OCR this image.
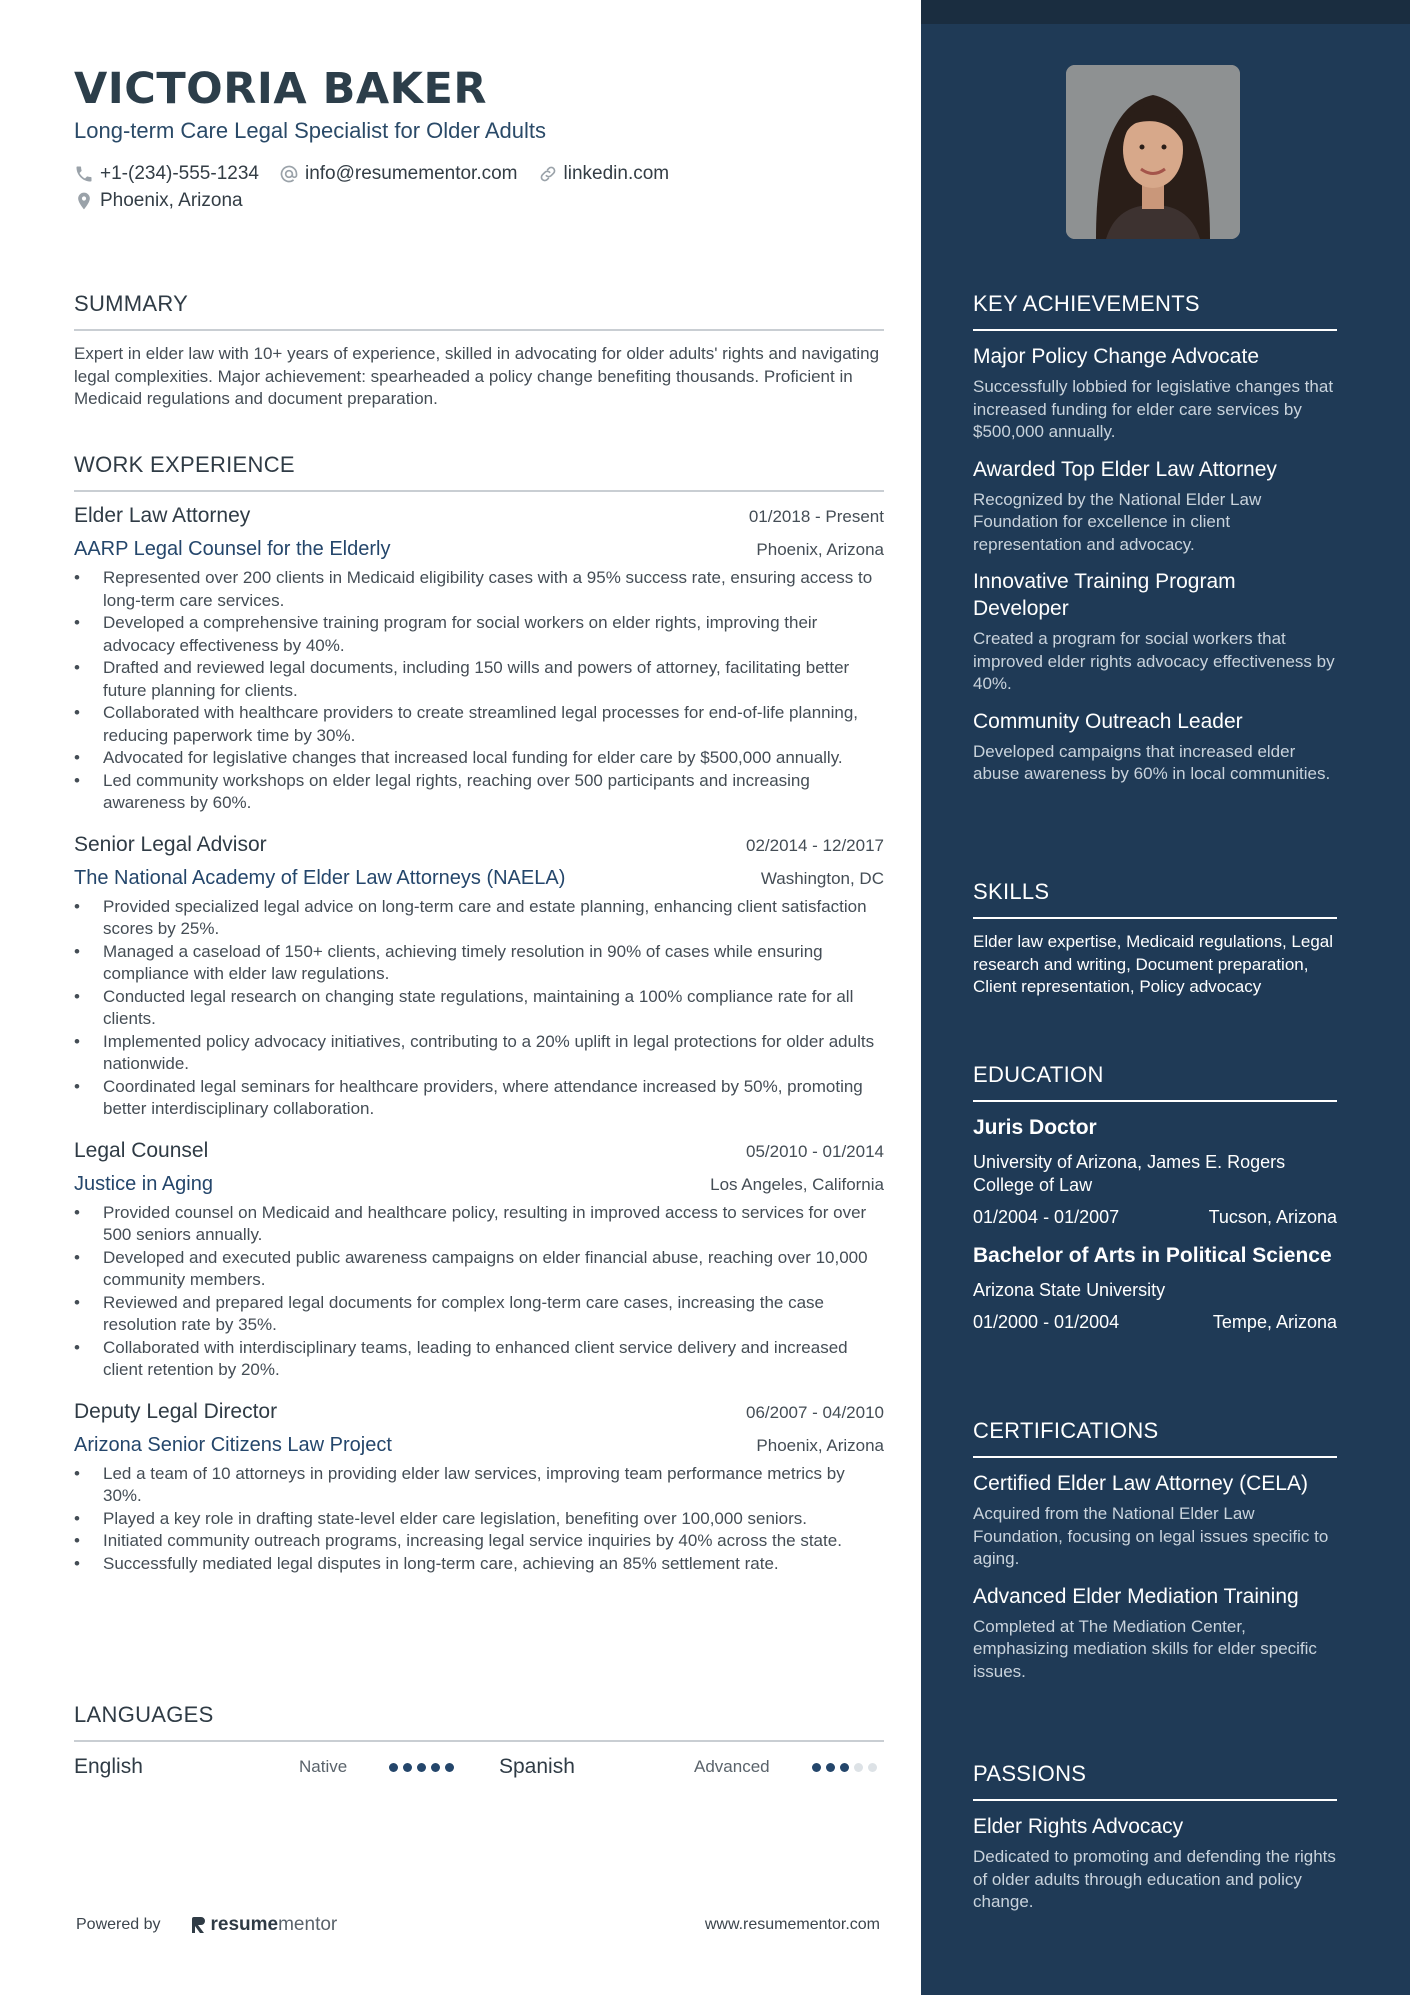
VICTORIA BAKER
Long-term Care Legal Specialist for Older Adults
+1-(234)-555-1234 info@resumementor.com linkedin.com
Phoenix, Arizona
SUMMARY
Expert in elder law with 10+ years of experience, skilled in advocating for older adults' rights and navigating legal complexities. Major achievement: spearheaded a policy change benefiting thousands. Proficient in Medicaid regulations and document preparation.
WORK EXPERIENCE
Elder Law Attorney	01/2018 - Present
AARP Legal Counsel for the Elderly	Phoenix, Arizona
• Represented over 200 clients in Medicaid eligibility cases with a 95% success rate, ensuring access to long-term care services.
• Developed a comprehensive training program for social workers on elder rights, improving their advocacy effectiveness by 40%.
• Drafted and reviewed legal documents, including 150 wills and powers of attorney, facilitating better future planning for clients.
• Collaborated with healthcare providers to create streamlined legal processes for end-of-life planning, reducing paperwork time by 30%.
• Advocated for legislative changes that increased local funding for elder care by $500,000 annually.
• Led community workshops on elder legal rights, reaching over 500 participants and increasing awareness by 60%.
Senior Legal Advisor	02/2014 - 12/2017
The National Academy of Elder Law Attorneys (NAELA)	Washington, DC
• Provided specialized legal advice on long-term care and estate planning, enhancing client satisfaction scores by 25%.
• Managed a caseload of 150+ clients, achieving timely resolution in 90% of cases while ensuring compliance with elder law regulations.
• Conducted legal research on changing state regulations, maintaining a 100% compliance rate for all clients.
• Implemented policy advocacy initiatives, contributing to a 20% uplift in legal protections for older adults nationwide.
• Coordinated legal seminars for healthcare providers, where attendance increased by 50%, promoting better interdisciplinary collaboration.
Legal Counsel	05/2010 - 01/2014
Justice in Aging	Los Angeles, California
• Provided counsel on Medicaid and healthcare policy, resulting in improved access to services for over 500 seniors annually.
• Developed and executed public awareness campaigns on elder financial abuse, reaching over 10,000 community members.
• Reviewed and prepared legal documents for complex long-term care cases, increasing the case resolution rate by 35%.
• Collaborated with interdisciplinary teams, leading to enhanced client service delivery and increased client retention by 20%.
Deputy Legal Director	06/2007 - 04/2010
Arizona Senior Citizens Law Project	Phoenix, Arizona
• Led a team of 10 attorneys in providing elder law services, improving team performance metrics by 30%.
• Played a key role in drafting state-level elder care legislation, benefiting over 100,000 seniors.
• Initiated community outreach programs, increasing legal service inquiries by 40% across the state.
• Successfully mediated legal disputes in long-term care, achieving an 85% settlement rate.
LANGUAGES
English	Native	Spanish	Advanced
Powered by	resume mentor	www.resumementor.com
KEY ACHIEVEMENTS
Major Policy Change Advocate
Successfully lobbied for legislative changes that increased funding for elder care services by $500,000 annually.
Awarded Top Elder Law Attorney
Recognized by the National Elder Law Foundation for excellence in client representation and advocacy.
Innovative Training Program Developer
Created a program for social workers that improved elder rights advocacy effectiveness by 40%.
Community Outreach Leader
Developed campaigns that increased elder abuse awareness by 60% in local communities.
SKILLS
Elder law expertise, Medicaid regulations, Legal research and writing, Document preparation, Client representation, Policy advocacy
EDUCATION
Juris Doctor
University of Arizona, James E. Rogers College of Law
01/2004 - 01/2007	Tucson, Arizona
Bachelor of Arts in Political Science
Arizona State University
01/2000 - 01/2004	Tempe, Arizona
CERTIFICATIONS
Certified Elder Law Attorney (CELA)
Acquired from the National Elder Law Foundation, focusing on legal issues specific to aging.
Advanced Elder Mediation Training
Completed at The Mediation Center, emphasizing mediation skills for elder specific issues.
PASSIONS
Elder Rights Advocacy
Dedicated to promoting and defending the rights of older adults through education and policy change.
